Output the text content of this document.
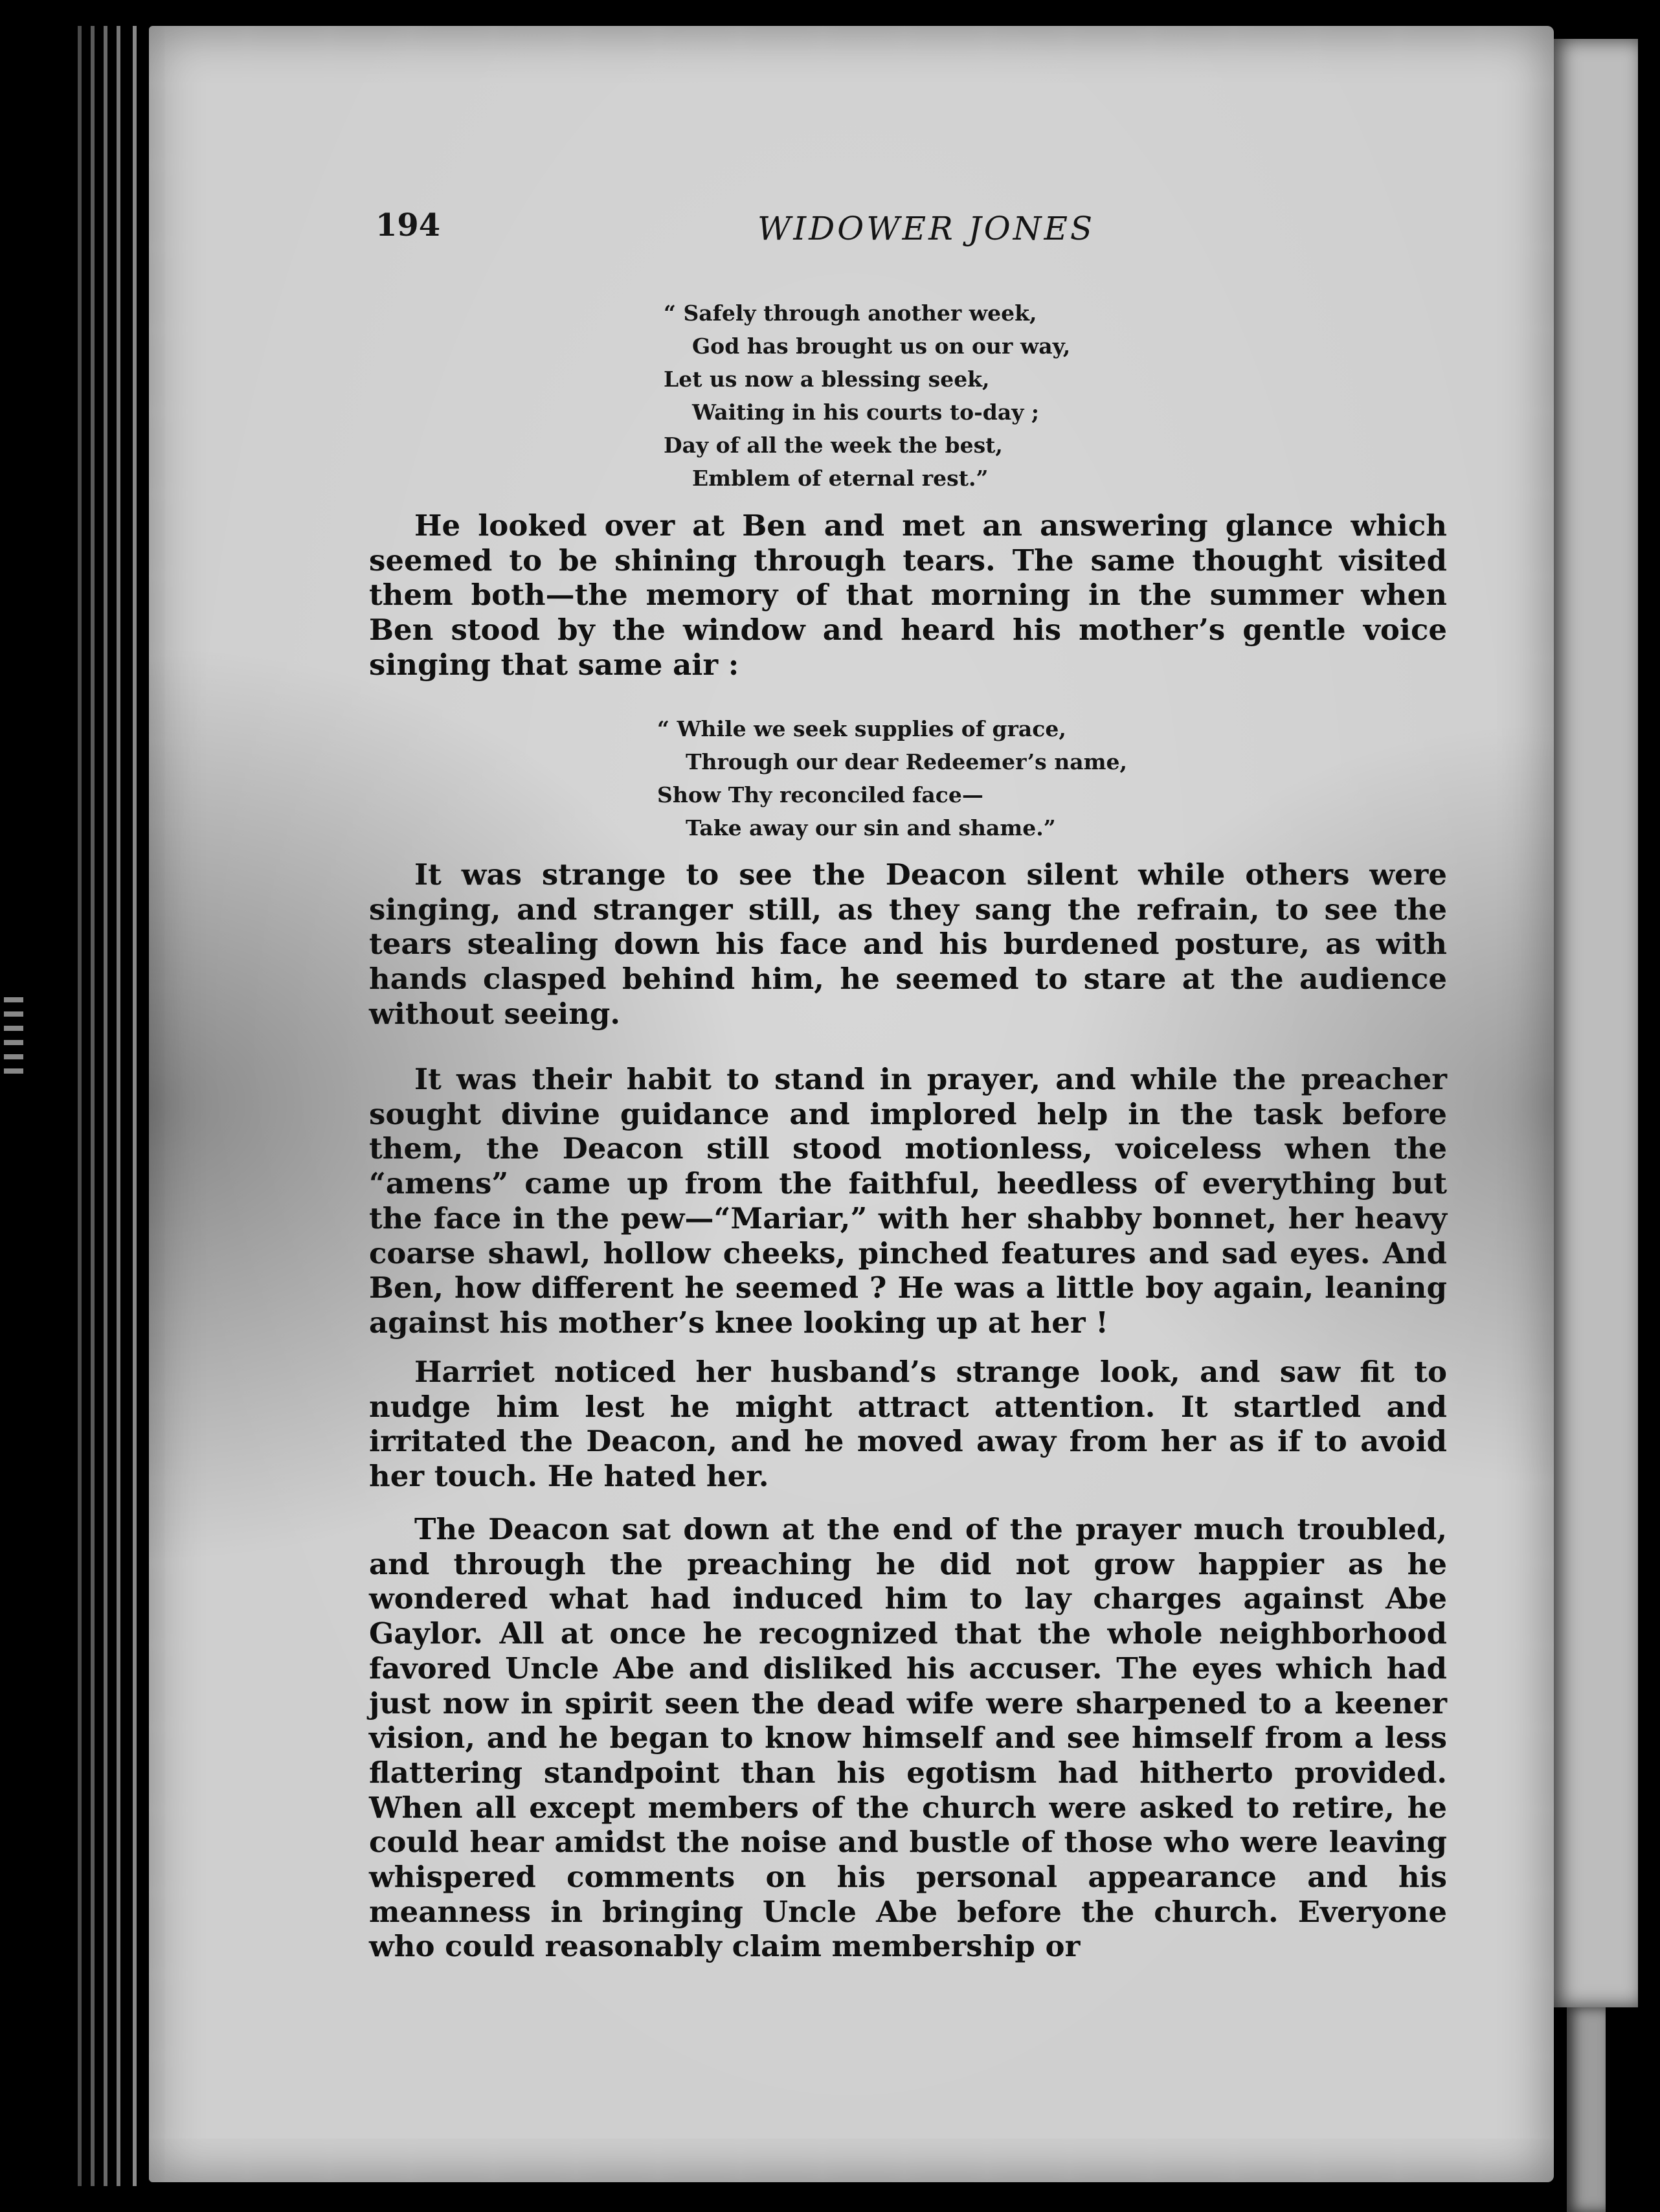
194	WIDOWER JONES
“ Safely through another week,
God has brought us on our way,
Let us now a blessing seek,
Waiting in his courts to-day ;
Day of all the week the best,
Emblem of eternal rest.”

He looked over at Ben and met an answering glance which seemed to be shining through tears. The same thought visited them both—the memory of that morning in the summer when Ben stood by the window and heard his mother’s gentle voice singing that same air :

“ While we seek supplies of grace,
Through our dear Redeemer’s name,
Show Thy reconciled face—
Take away our sin and shame.”

It was strange to see the Deacon silent while others were singing, and stranger still, as they sang the refrain, to see the tears stealing down his face and his burdened posture, as with hands clasped behind him, he seemed to stare at the audience without seeing.

It was their habit to stand in prayer, and while the preacher sought divine guidance and implored help in the task before them, the Deacon still stood motionless, voiceless when the “amens” came up from the faithful, heedless of everything but the face in the pew—“Mariar,” with her shabby bonnet, her heavy coarse shawl, hollow cheeks, pinched features and sad eyes. And Ben, how different he seemed ? He was a little boy again, leaning against his mother’s knee looking up at her !

Harriet noticed her husband’s strange look, and saw fit to nudge him lest he might attract attention. It startled and irritated the Deacon, and he moved away from her as if to avoid her touch. He hated her.

The Deacon sat down at the end of the prayer much troubled, and through the preaching he did not grow happier as he wondered what had induced him to lay charges against Abe Gaylor. All at once he recognized that the whole neighborhood favored Uncle Abe and disliked his accuser. The eyes which had just now in spirit seen the dead wife were sharpened to a keener vision, and he began to know himself and see himself from a less flattering standpoint than his egotism had hitherto provided. When all except members of the church were asked to retire, he could hear amidst the noise and bustle of those who were leaving whispered comments on his personal appearance and his meanness in bringing Uncle Abe before the church. Everyone who could reasonably claim membership or
